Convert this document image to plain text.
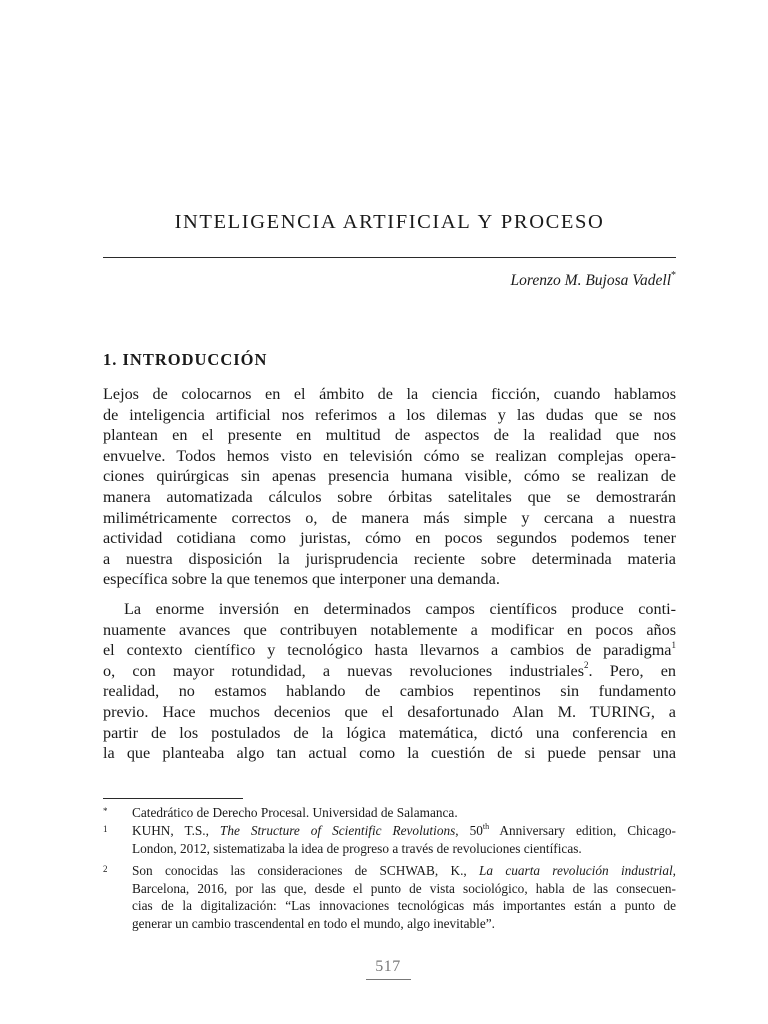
INTELIGENCIA ARTIFICIAL Y PROCESO
Lorenzo M. Bujosa Vadell*
1. INTRODUCCIÓN
Lejos de colocarnos en el ámbito de la ciencia ficción, cuando hablamos
de inteligencia artificial nos referimos a los dilemas y las dudas que se nos
plantean en el presente en multitud de aspectos de la realidad que nos
envuelve. Todos hemos visto en televisión cómo se realizan complejas opera-
ciones quirúrgicas sin apenas presencia humana visible, cómo se realizan de
manera automatizada cálculos sobre órbitas satelitales que se demostrarán
milimétricamente correctos o, de manera más simple y cercana a nuestra
actividad cotidiana como juristas, cómo en pocos segundos podemos tener
a nuestra disposición la jurisprudencia reciente sobre determinada materia
específica sobre la que tenemos que interponer una demanda.
La enorme inversión en determinados campos científicos produce conti-
nuamente avances que contribuyen notablemente a modificar en pocos años
el contexto científico y tecnológico hasta llevarnos a cambios de paradigma$^1$
o, con mayor rotundidad, a nuevas revoluciones industriales$^2$. Pero, en
realidad, no estamos hablando de cambios repentinos sin fundamento
previo. Hace muchos decenios que el desafortunado Alan M. TURING, a
partir de los postulados de la lógica matemática, dictó una conferencia en
la que planteaba algo tan actual como la cuestión de si puede pensar una
* Catedrático de Derecho Procesal. Universidad de Salamanca.
1 KUHN, T.S., The Structure of Scientific Revolutions, 50th Anniversary edition, Chicago-
London, 2012, sistematizaba la idea de progreso a través de revoluciones científicas.
2 Son conocidas las consideraciones de SCHWAB, K., La cuarta revolución industrial,
Barcelona, 2016, por las que, desde el punto de vista sociológico, habla de las consecuen-
cias de la digitalización: “Las innovaciones tecnológicas más importantes están a punto de
generar un cambio trascendental en todo el mundo, algo inevitable”.
517
